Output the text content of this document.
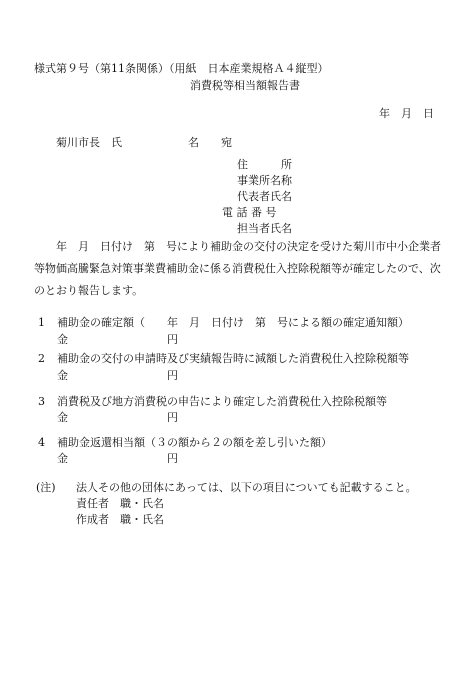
様式第９号（第11条関係）（用紙　日本産業規格Ａ４縦型）
消費税等相当額報告書
年　月　日
菊川市長　氏　　　　　　名　　宛
住　　　所
事業所名称
代表者氏名
電 話 番 号
担当者氏名
　　年　月　日付け　第　号により補助金の交付の決定を受けた菊川市中小企業者等物価高騰緊急対策事業費補助金に係る消費税仕入控除税額等が確定したので、次のとおり報告します。
1 補助金の確定額（　　年　月　日付け　第　号による額の確定通知額）
金　　　　　　　　　円
2 補助金の交付の申請時及び実績報告時に減額した消費税仕入控除税額等
金　　　　　　　　　円
3 消費税及び地方消費税の申告により確定した消費税仕入控除税額等
金　　　　　　　　　円
4 補助金返還相当額（３の額から２の額を差し引いた額）
金　　　　　　　　　円
(注) 法人その他の団体にあっては、以下の項目についても記載すること。
責任者　職・氏名
作成者　職・氏名
